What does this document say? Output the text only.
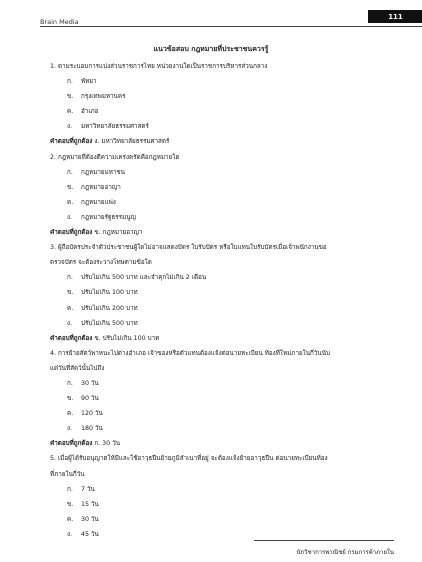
Brain Media
111
แนวข้อสอบ กฎหมายที่ประชาชนควรรู้
1. ตามระบอบการแบ่งส่วนราชการไทย หน่วยงานใดเป็นราชการบริหารส่วนกลาง
ก. พัทยา
ข. กรุงเทพมหานคร
ค. อำเภอ
ง. มหาวิทยาลัยธรรมศาสตร์
คำตอบที่ถูกต้อง ง. มหาวิทยาลัยธรรมศาสตร์
2. กฎหมายที่ต้องตีความเคร่งครัดคือกฎหมายใด
ก. กฎหมายมหาชน
ข. กฎหมายอาญา
ค. กฎหมายแพ่ง
ง. กฎหมายรัฐธรรมนูญ
คำตอบที่ถูกต้อง ข. กฎหมายอาญา
3. ผู้ถือบัตรประจำตัวประชาชนผู้ใดไม่อาจแสดงบัตร ใบรับบัตร หรือใบแทนใบรับบัตรเมื่อเจ้าพนักงานขอ
ตรวจบัตร จะต้องระวางโทษตามข้อใด
ก. ปรับไม่เกิน 500 บาท และจำคุกไม่เกิน 2 เดือน
ข. ปรับไม่เกิน 100 บาท
ค. ปรับไม่เกิน 200 บาท
ง. ปรับไม่เกิน 500 บาท
คำตอบที่ถูกต้อง ข. ปรับไม่เกิน 100 บาท
4. การย้ายสัตว์พาหนะไปต่างอำเภอ เจ้าของหรือตัวแทนต้องแจ้งต่อนายทะเบียน ท้องที่ใหม่ภายในกี่วันนับ
แต่วันที่สัตว์นั้นไปถึง
ก. 30 วัน
ข. 90 วัน
ค. 120 วัน
ง. 180 วัน
คำตอบที่ถูกต้อง ก. 30 วัน
5. เมื่อผู้ได้รับอนุญาตให้มีและใช้อาวุธปืนย้ายภูมิลำเนาที่อยู่ จะต้องแจ้งย้ายอาวุธปืน ต่อนายทะเบียนท้อง
ที่ภายในกี่วัน
ก. 7 วัน
ข. 15 วัน
ค. 30 วัน
ง. 45 วัน
นักวิชาการพาณิชย์ กรมการค้าภายใน
